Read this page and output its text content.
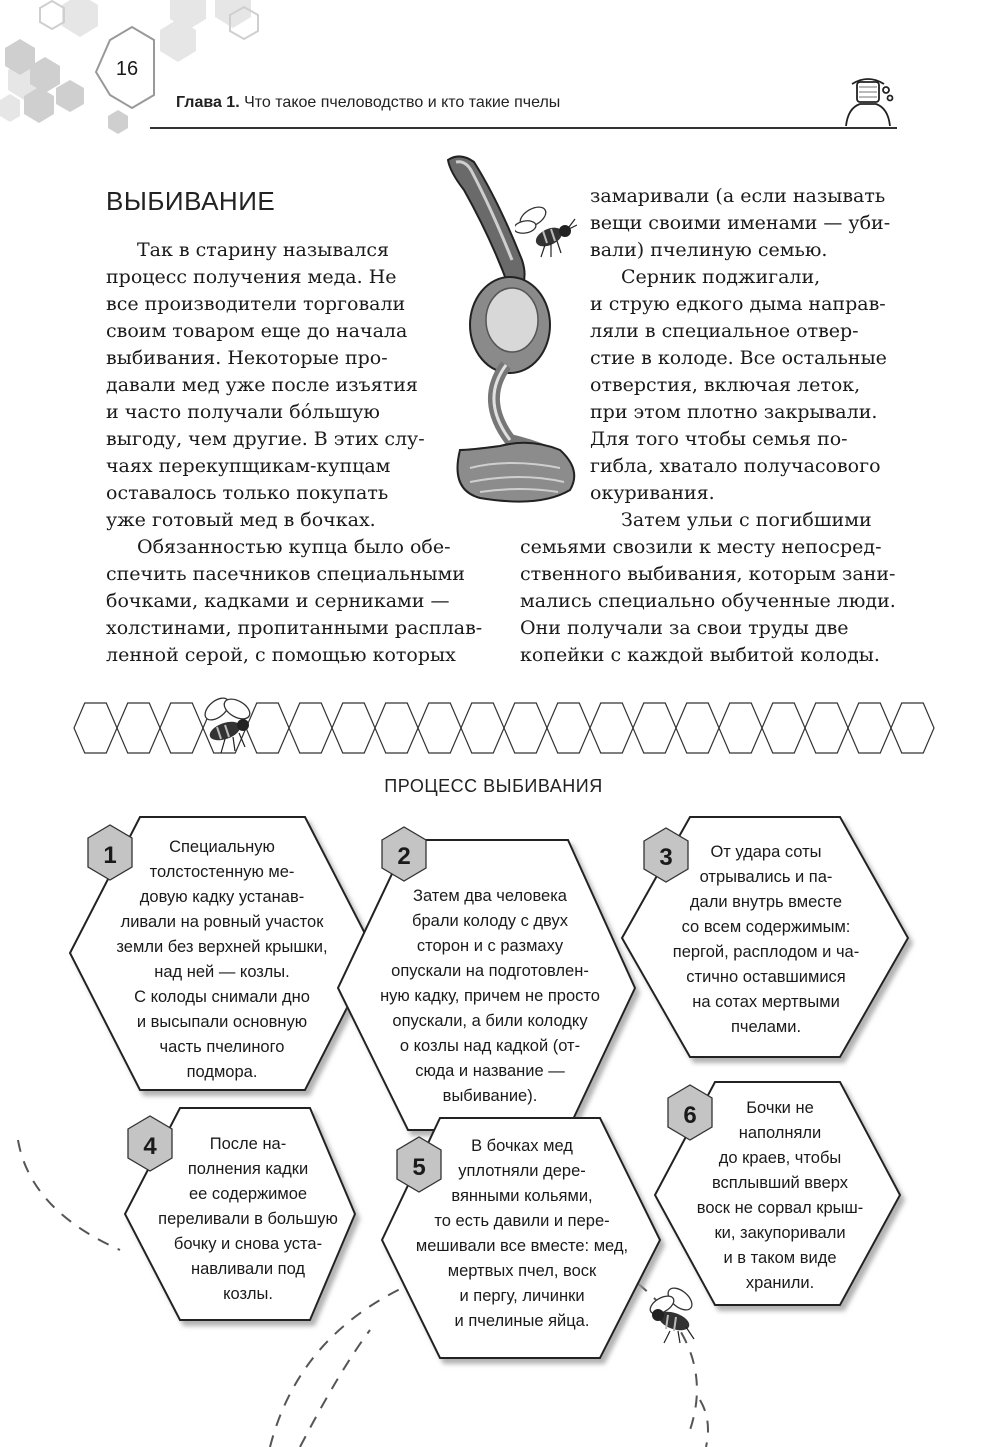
16
Глава 1. Что такое пчеловодство и кто такие пчелы
ВЫБИВАНИЕ
Так в старину назывался
процесс получения меда. Не
все производители торговали
своим товаром еще до начала
выбивания. Некоторые про-
давали мед уже после изъятия
и часто получали бо́льшую
выгоду, чем другие. В этих слу-
чаях перекупщикам-купцам
оставалось только покупать
уже готовый мед в бочках.
Обязанностью купца было обе-
спечить пасечников специальными
бочками, кадками и серниками —
холстинами, пропитанными расплав-
ленной серой, с помощью которых
замаривали (а если называть
вещи своими именами — уби-
вали) пчелиную семью.
Серник поджигали,
и струю едкого дыма направ-
ляли в специальное отвер-
стие в колоде. Все остальные
отверстия, включая леток,
при этом плотно закрывали.
Для того чтобы семья по-
гибла, хватало получасового
окуривания.
Затем ульи с погибшими
семьями свозили к месту непосред-
ственного выбивания, которым зани-
мались специально обученные люди.
Они получали за свои труды две
копейки с каждой выбитой колоды.
ПРОЦЕСС ВЫБИВАНИЯ
1	2	3
4
5
6
Специальную
толстостенную ме-
довую кадку устанав-
ливали на ровный участок
земли без верхней крышки,
над ней — козлы.
С колоды снимали дно
и высыпали основную
часть пчелиного
подмора.
Затем два человека
брали колоду с двух
сторон и с размаху
опускали на подготовлен-
ную кадку, причем не просто
опускали, а били колодку
о козлы над кадкой (от-
сюда и название —
выбивание).
От удара соты
отрывались и па-
дали внутрь вместе
со всем содержимым:
пергой, расплодом и ча-
стично оставшимися
на сотах мертвыми
пчелами.
После на-
полнения кадки
ее содержимое
переливали в большую
бочку и снова уста-
навливали под
козлы.
В бочках мед
уплотняли дере-
вянными кольями,
то есть давили и пере-
мешивали все вместе: мед,
мертвых пчел, воск
и пергу, личинки
и пчелиные яйца.
Бочки не
наполняли
до краев, чтобы
всплывший вверх
воск не сорвал крыш-
ки, закупоривали
и в таком виде
хранили.
